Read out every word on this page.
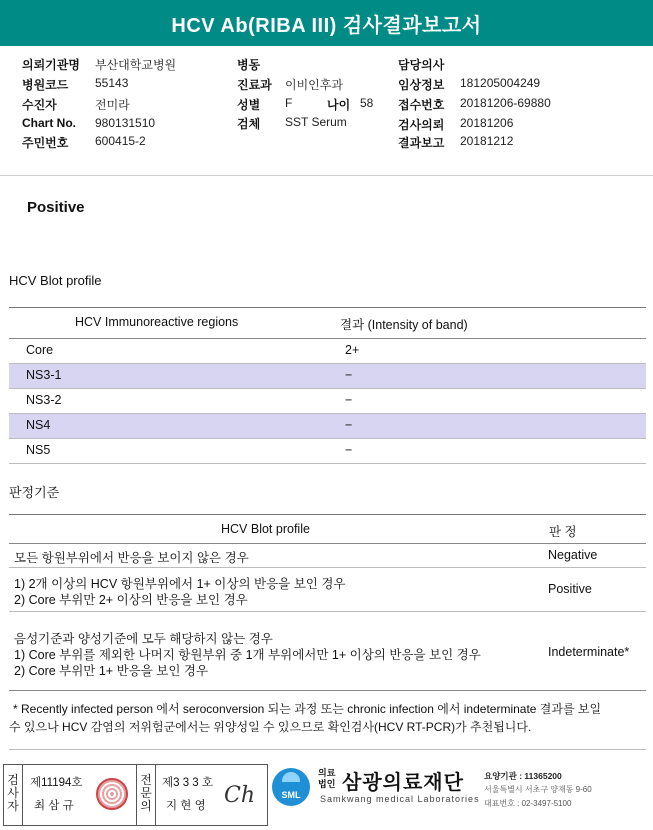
HCV Ab(RIBA III) 검사결과보고서
의뢰기관명 부산대학교병원
병원코드 55143
수진자	전미라
Chart No. 980131510
주민번호 600415-2
병동
진료과 이비인후과
성별 F	나이 58
검체 SST Serum
담당의사
임상정보 181205004249
접수번호 20181206-69880
검사의뢰 20181206
결과보고 20181212
Positive
HCV Blot profile
HCV Immunoreactive regions	결과 (Intensity of band)
Core	2+
NS3-1	−
NS3-2	−
NS4	−
NS5	−
판정기준
HCV Blot profile	판 정
모든 항원부위에서 반응을 보이지 않은 경우	Negative
1) 2개 이상의 HCV 항원부위에서 1+ 이상의 반응을 보인 경우
2) Core 부위만 2+ 이상의 반응을 보인 경우
Positive
음성기준과 양성기준에 모두 해당하지 않는 경우
1) Core 부위를 제외한 나머지 항원부위 중 1개 부위에서만 1+ 이상의 반응을 보인 경우
2) Core 부위만 1+ 반응을 보인 경우
Indeterminate*
* Recently infected person 에서 seroconversion 되는 과정 또는 chronic infection 에서 indeterminate 결과를 보일
수 있으나 HCV 감염의 저위험군에서는 위양성일 수 있으므로 확인검사(HCV RT-PCR)가 추천됩니다.
검사자
제11194호
최 삼 규
전문의
제3 3 3 호
지 현 영 Ch	SML
의료법인 삼광의료재단
Samkwang medical Laboratories
요양기관 : 11365200
서울특별시 서초구 양재동 9-60
대표번호 : 02-3497-5100
